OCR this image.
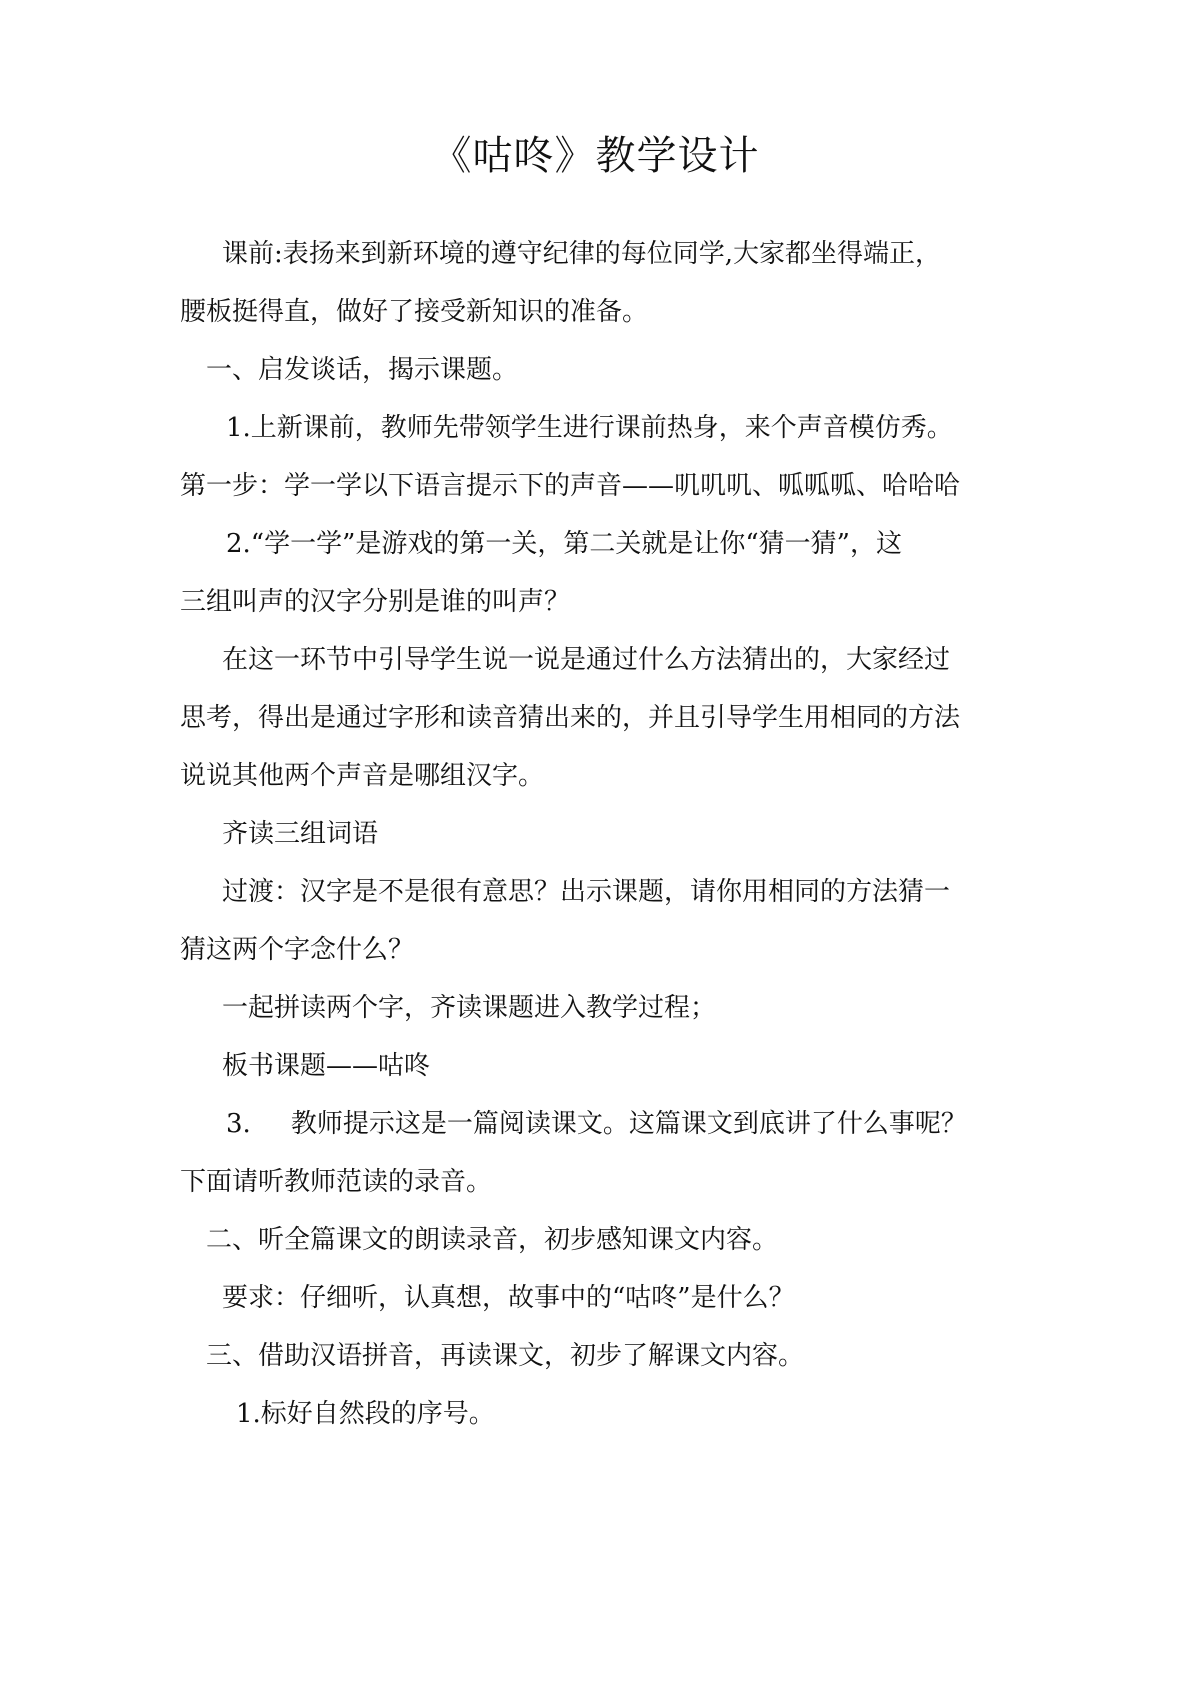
《咕咚》教学设计
课前:表扬来到新环境的遵守纪律的每位同学,大家都坐得端正，
腰板挺得直，做好了接受新知识的准备。
一、启发谈话，揭示课题。
1.上新课前，教师先带领学生进行课前热身，来个声音模仿秀。
第一步：学一学以下语言提示下的声音——叽叽叽、呱呱呱、哈哈哈
2.“学一学”是游戏的第一关，第二关就是让你“猜一猜”，这
三组叫声的汉字分别是谁的叫声？
在这一环节中引导学生说一说是通过什么方法猜出的，大家经过
思考，得出是通过字形和读音猜出来的，并且引导学生用相同的方法
说说其他两个声音是哪组汉字。
齐读三组词语
过渡：汉字是不是很有意思？出示课题，请你用相同的方法猜一
猜这两个字念什么？
一起拼读两个字，齐读课题进入教学过程；
板书课题——咕咚
3. 教师提示这是一篇阅读课文。这篇课文到底讲了什么事呢？
下面请听教师范读的录音。
二、听全篇课文的朗读录音，初步感知课文内容。
要求：仔细听，认真想，故事中的“咕咚”是什么？
三、借助汉语拼音，再读课文，初步了解课文内容。
1.标好自然段的序号。
